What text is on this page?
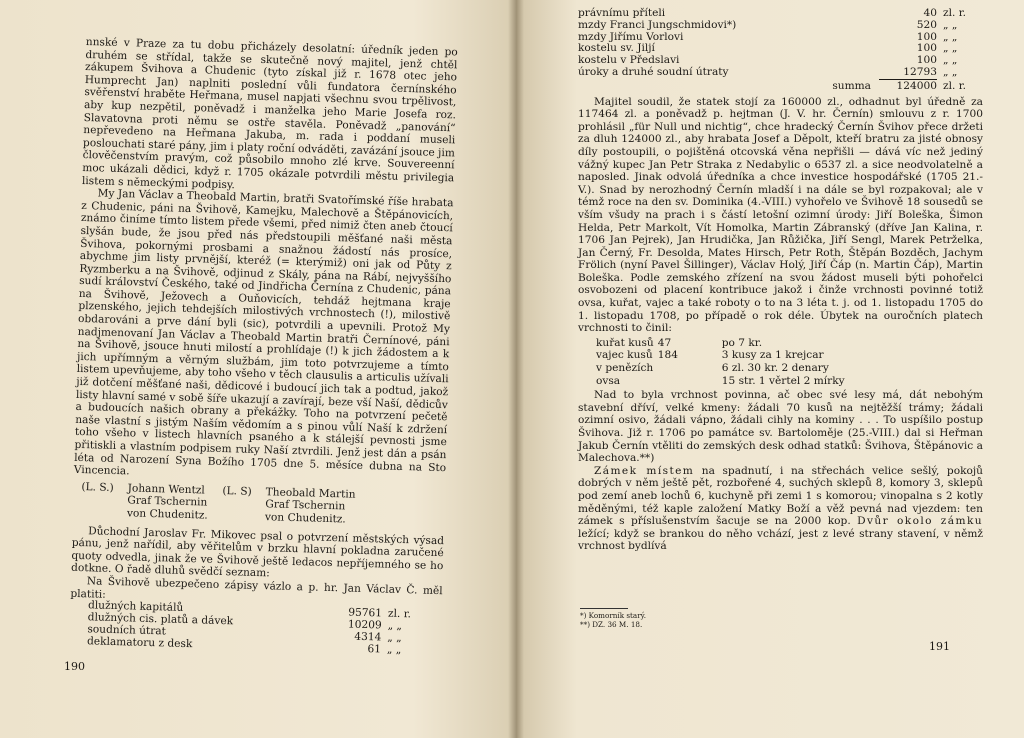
nnské v Praze za tu dobu přicházely desolatní: úředník jeden po druhém se střídal, takže se skutečně nový majitel, jenž chtěl zákupem Švihova a Chudenic (tyto získal již r. 1678 otec jeho Humprecht Jan) naplniti poslední vůli fundatora černínského svěřenství hraběte Heřmana, musel napjati všechnu svou trpělivost, aby kup nezpětil, poněvadž i manželka jeho Marie Josefa roz. Slavatovna proti němu se ostře stavěla. Poněvadž „panování“ nepřevedeno na Heřmana Jakuba, m. rada i poddaní museli poslouchati staré pány, jim i platy roční odváděti, zavázání jsouce jim člověčenstvím pravým, což působilo mnoho zlé krve. Souvereenní moc ukázali dědici, když r. 1705 okázale potvrdili městu privilegia listem s německými podpisy.

My Jan Václav a Theobald Martin, bratři Svatořímské říše hrabata z Chudenic, páni na Švihově, Kamejku, Malechově a Štěpánovicích, známo činíme tímto listem přede všemi, před nimiž čten aneb čtoucí slyšán bude, že jsou před nás předstoupili měšťané naši města Švihova, pokornými prosbami a snažnou žádostí nás prosíce, abychme jim listy prvnější, kteréž (= kterýmiž) oni jak od Půty z Ryzmberku a na Švihově, odjinud z Skály, pána na Rábí, nejvyššího sudí království Českého, také od Jindřicha Černína z Chudenic, pána na Švihově, Ježovech a Ouňovicích, tehdáž hejtmana kraje plzenského, jejich tehdejších milostivých vrchnostech (!), milostivě obdarováni a prve dání byli (sic), potvrdili a upevnili. Protož My nadjmenovaní Jan Václav a Theobald Martin bratři Černínové, páni na Švihově, jsouce hnuti milostí a prohlídaje (!) k jich žádostem a k jich upřímným a věrným službám, jim toto potvrzujeme a tímto listem upevňujeme, aby toho všeho v těch clausulis a articulis užívali již dotčení měšťané naši, dědicové i budoucí jich tak a podtud, jakož listy hlavní samé v sobě šíře ukazují a zavírají, beze vší Naší, dědicův a budoucích našich obrany a překážky. Toho na potvrzení pečetě naše vlastní s jistým Naším vědomím a s pinou vůlí Naší k zdržení toho všeho v listech hlavních psaného a k stálejší pevnosti jsme přitiskli a vlastním podpisem ruky Naší ztvrdili. Jenž jest dán a psán léta od Narození Syna Božího 1705 dne 5. měsíce dubna na Sto Vincencia.

(L. S.)	Johann Wentzl
Graf Tschernin
von Chudenitz.
	(L. S)	Theobald Martin
Graf Tschernin
von Chudenitz.

Důchodní Jaroslav Fr. Mikovec psal o potvrzení městských výsad pánu, jenž nařídil, aby věřitelům v brzku hlavní pokladna zaručené quoty odvedla, jinak že ve Švihově ještě ledacos nepříjemného se ho dotkne. O řadě dluhů svědčí seznam:

Na Švihově ubezpečeno zápisy vázlo a p. hr. Jan Václav Č. měl platiti:

dlužných kapitálů	95761	zl. r.
dlužných cis. platů a dávek	10209	„ „
soudních útrat	4314	„ „
deklamatoru z desk	61	„ „
190
právnímu příteli	40	zl. r.
mzdy Franci Jungschmidovi*)	520	„ „
mzdy Jiřímu Vorlovi	100	„ „
kostelu sv. Jiljí	100	„ „
kostelu v Předslavi	100	„ „
úroky a druhé soudní útraty	12793	„ „
summa	124000	zl. r.

Majitel soudil, že statek stojí za 160000 zl., odhadnut byl úředně za 117464 zl. a poněvadž p. hejtman (J. V. hr. Černín) smlouvu z r. 1700 prohlásil „für Null und nichtig“, chce hradecký Černín Švihov přece držeti za dluh 124000 zl., aby hrabata Josef a Děpolt, kteří bratru za jisté obnosy díly postoupili, o pojištěná otcovská věna nepřišli — dává víc než jediný vážný kupec Jan Petr Straka z Nedabylic o 6537 zl. a sice neodvolatelně a naposled. Jinak odvolá úředníka a chce investice hospodářské (1705 21.-V.). Snad by nerozhodný Černín mladší i na dále se byl rozpakoval; ale v témž roce na den sv. Dominika (4.-VIII.) vyhořelo ve Švihově 18 sousedů se vším všudy na prach i s částí letošní ozimní úrody: Jiří Boleška, Šimon Helda, Petr Markolt, Vít Homolka, Martin Zábranský (dříve Jan Kalina, r. 1706 Jan Pejrek), Jan Hrudička, Jan Růžička, Jiří Sengl, Marek Petrželka, Jan Černý, Fr. Desolda, Mates Hirsch, Petr Roth, Štěpán Bozděch, Jachym Frölich (nyní Pavel Šillinger), Václav Holý, Jiří Čáp (n. Martin Čáp), Martin Boleška. Podle zemského zřízení na svou žádost museli býti pohořelci osvobozeni od placení kontribuce jakož i činže vrchnosti povinné totiž ovsa, kuřat, vajec a také roboty o to na 3 léta t. j. od 1. listopadu 1705 do 1. listopadu 1708, po případě o rok déle. Úbytek na ouročních platech vrchnosti to činil:

kuřat kusů	47	po 7 kr.
vajec kusů	184	3 kusy za 1 krejcar
v penězích		6 zl. 30 kr. 2 denary
ovsa		15 str. 1 věrtel 2 mírky

Nad to byla vrchnost povinna, ač obec své lesy má, dát nebohým stavební dříví, velké kmeny: žádali 70 kusů na nejtěžší trámy; žádali ozimní osivo, žádali vápno, žádali cihly na kominy . . . To uspíšilo postup Švihova. Již r. 1706 po památce sv. Bartoloměje (25.-VIII.) dal si Heřman Jakub Černín vtěliti do zemských desk odhad statků: Švihova, Štěpánovic a Malechova.**)

Zámek místem na spadnutí, i na střechách velice sešlý, pokojů dobrých v něm ještě pět, rozbořené 4, suchých sklepů 8, komory 3, sklepů pod zemí aneb lochů 6, kuchyně při zemi 1 s komorou; vinopalna s 2 kotly měděnými, též kaple založení Matky Boží a věž pevná nad vjezdem: ten zámek s příslušenstvím šacuje se na 2000 kop. Dvůr okolo zámku ležící; když se brankou do něho vchází, jest z levé strany stavení, v němž vrchnost bydlívá

*) Komorník starý.
**) DZ. 36 M. 18.
191
